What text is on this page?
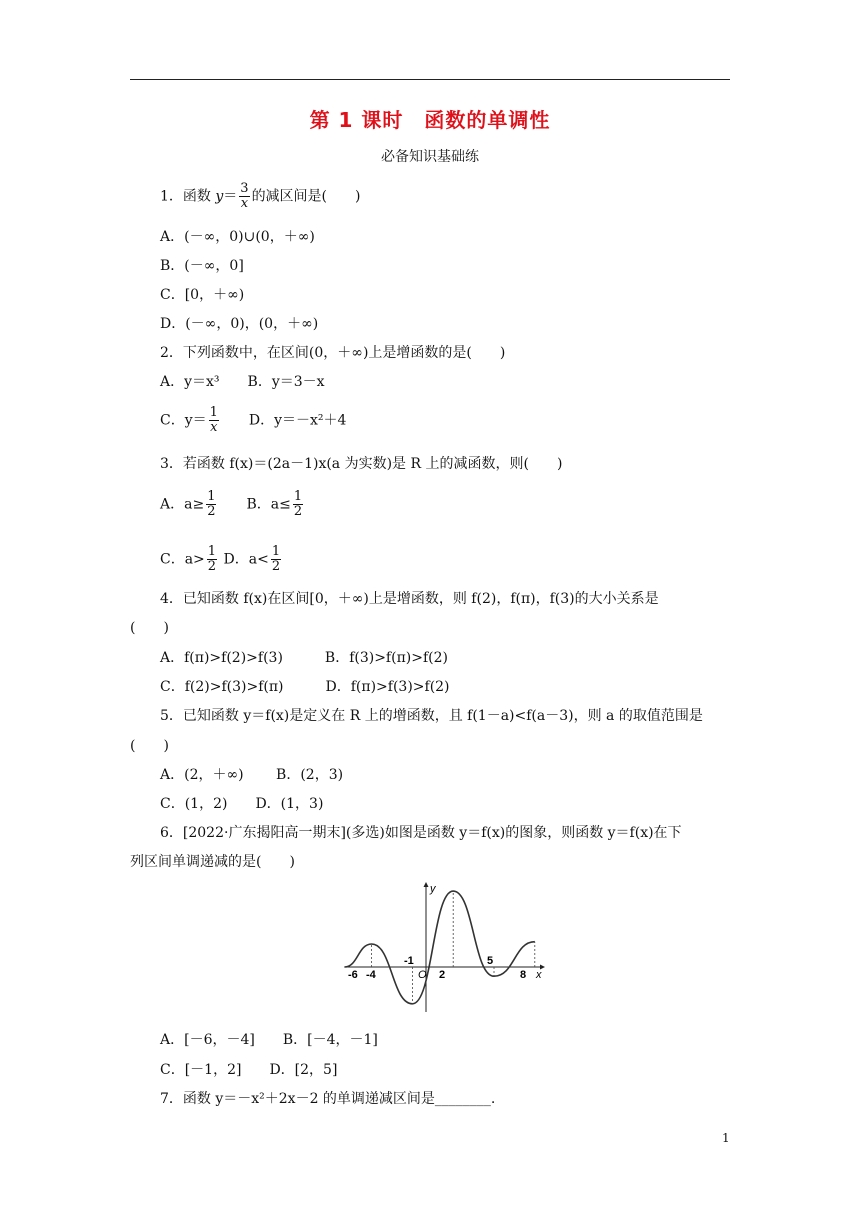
第 1 课时　函数的单调性
必备知识基础练
1．函数 $y= \frac{3}{x}$ 的减区间是(　　)
A．(－∞，0)∪(0，＋∞)
B．(－∞，0]
C．[0，＋∞)
D．(－∞，0)，(0，＋∞)
2．下列函数中，在区间(0，＋∞)上是增函数的是(　　)
A．y＝x³　　B．y＝3－x
C．$y= \frac{1}{x}$ 　　D．y＝－x²＋4
3．若函数 f(x)＝(2a－1)x(a 为实数)是 R 上的减函数，则(　　)
A．$a\ge \frac{1}{2}$ 　　B．$a\le \frac{1}{2}$
C．$a> \frac{1}{2}$ D．$a< \frac{1}{2}$
4．已知函数 f(x)在区间[0，＋∞)上是增函数，则 f(2)，f(π)，f(3)的大小关系是
(　　)
A．f(π)>f(2)>f(3)　　　B．f(3)>f(π)>f(2)
C．f(2)>f(3)>f(π)　　　D．f(π)>f(3)>f(2)
5．已知函数 y＝f(x)是定义在 R 上的增函数，且 f(1－a)<f(a－3)，则 a 的取值范围是
(　　)
A．(2，＋∞)　　 B．(2，3)
C．(1，2)　　D．(1，3)
6．[2022·广东揭阳高一期末](多选)如图是函数 y＝f(x)的图象，则函数 y＝f(x)在下
列区间单调递减的是(　　)
y
x
O
-6 -4	2	8
-1	5
A．[－6，－4]　　B．[－4，－1]
C．[－1，2]　　D．[2，5]
7．函数 y＝－x²＋2x－2 的单调递减区间是________.
1
